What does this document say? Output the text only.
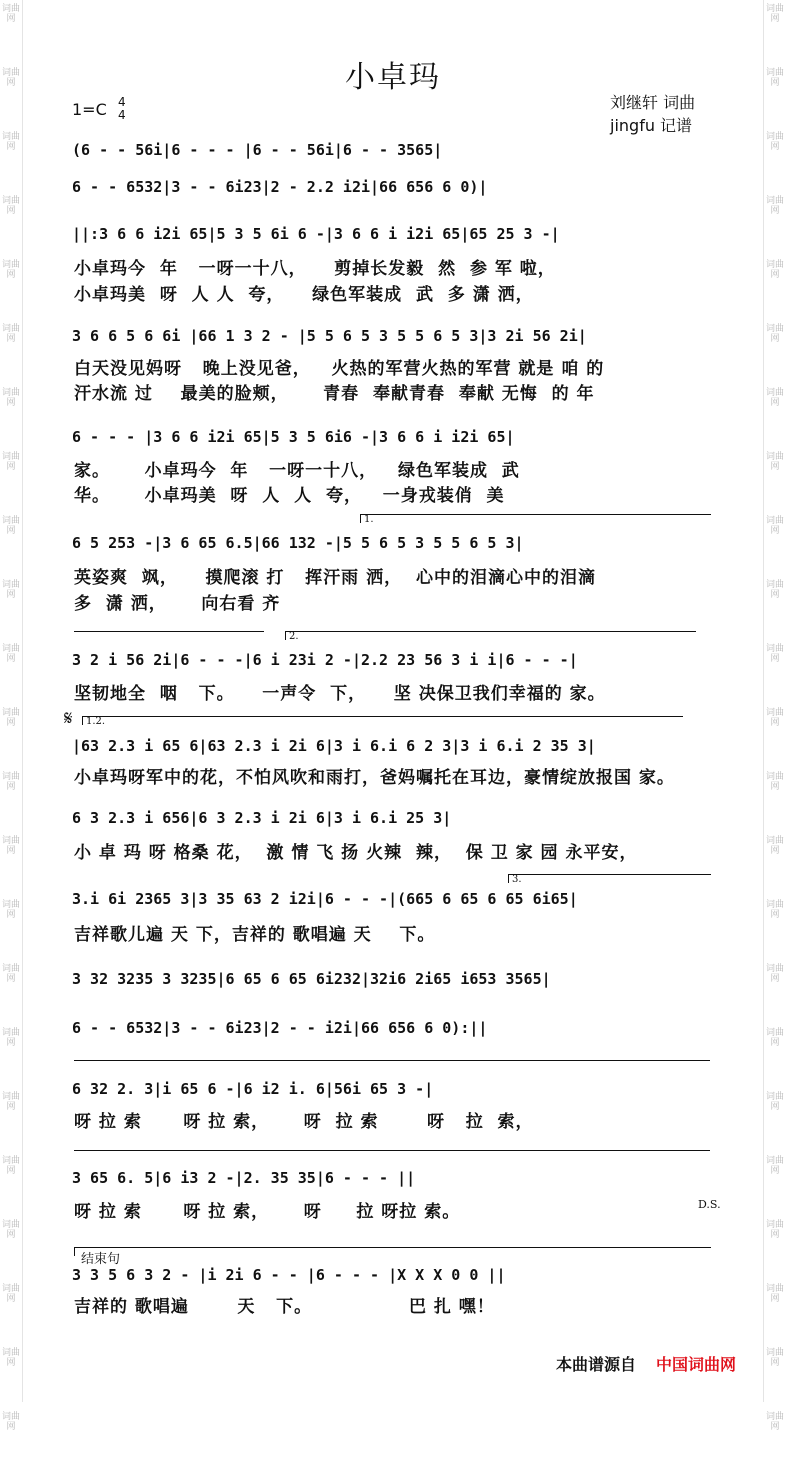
词曲网
词曲网
词曲网
词曲网
词曲网
词曲网
词曲网
词曲网
词曲网
词曲网
词曲网
词曲网
词曲网
词曲网
词曲网
词曲网
词曲网
词曲网
词曲网
词曲网
词曲网
词曲网
词曲网
词曲网
词曲网
词曲网
词曲网
词曲网
词曲网
词曲网
词曲网
词曲网
词曲网
词曲网
词曲网
词曲网
词曲网
词曲网
词曲网
词曲网
词曲网
词曲网
词曲网
词曲网
词曲网
词曲网
小卓玛
1=C 4
4
刘继轩 词曲
jingfu 记谱
(6 - - 56i|6 - - - |6 - - 56i|6 - - 3565|
6 - - 6532|3 - - 6i23|2 - 2.2 i2i|66 656 6 0)|
||:3 6 6 i2i 65|5 3 5 6i 6 -|3 6 6 i i2i 65|65 25 3 -|
小卓玛今  年   一呀一十八，    剪掉长发毅  然  参 军 啦，
小卓玛美  呀  人 人  夸，    绿色军装成  武  多 潇 洒，
3 6 6 5 6 6i |66 1 3 2 - |5 5 6 5 3 5 5 6 5 3|3 2i 56 2i|
白天没见妈呀   晚上没见爸，   火热的军营火热的军营 就是 咱 的
汗水流 过    最美的脸颊，     青春  奉献青春  奉献 无悔  的 年
6 - - - |3 6 6 i2i 65|5 3 5 6i6 -|3 6 6 i i2i 65|
家。     小卓玛今  年   一呀一十八，   绿色军装成  武
华。     小卓玛美  呀  人  人  夸，   一身戎装俏  美
1.
6 5 253 -|3 6 65 6.5|66 132 -|5 5 6 5 3 5 5 6 5 3|
英姿爽  飒，    摸爬滚 打   挥汗雨 洒，  心中的泪滴心中的泪滴
多  潇 洒，     向右看 齐
2.
3 2 i 56 2i|6 - - -|6 i 23i 2 -|2.2 23 56 3 i i|6 - - -|
坚韧地全  咽   下。    一声令  下，    坚 决保卫我们幸福的 家。
𝄋 1.2.
|63 2.3 i 65 6|63 2.3 i 2i 6|3 i 6.i 6 2 3|3 i 6.i 2 35 3|
小卓玛呀军中的花，不怕风吹和雨打，爸妈嘱托在耳边，豪情绽放报国 家。
6 3 2.3 i 656|6 3 2.3 i 2i 6|3 i 6.i 25 3|
小 卓 玛 呀 格桑 花，  激 情 飞 扬 火辣  辣，  保 卫 家 园 永平安，
3.
3.i 6i 2365 3|3 35 63 2 i2i|6 - - -|(665 6 65 6 65 6i65|
吉祥歌儿遍 天 下，吉祥的 歌唱遍 天    下。
3 32 3235 3 3235|6 65 6 65 6i232|32i6 2i65 i653 3565|
6 - - 6532|3 - - 6i23|2 - - i2i|66 656 6 0):||
6 32 2. 3|i 65 6 -|6 i2 i. 6|56i 65 3 -|
呀 拉 索      呀 拉 索，     呀  拉 索       呀   拉  索，
3 65 6. 5|6 i3 2 -|2. 35 35|6 - - - ||
D.S.
呀 拉 索      呀 拉 索，     呀     拉 呀拉 索。
结束句
3 3 5 6 3 2 - |i 2i 6 - - |6 - - - |X X X 0 0 ||
吉祥的 歌唱遍       天   下。              巴 扎 嘿！
本曲谱源自 中国词曲网
